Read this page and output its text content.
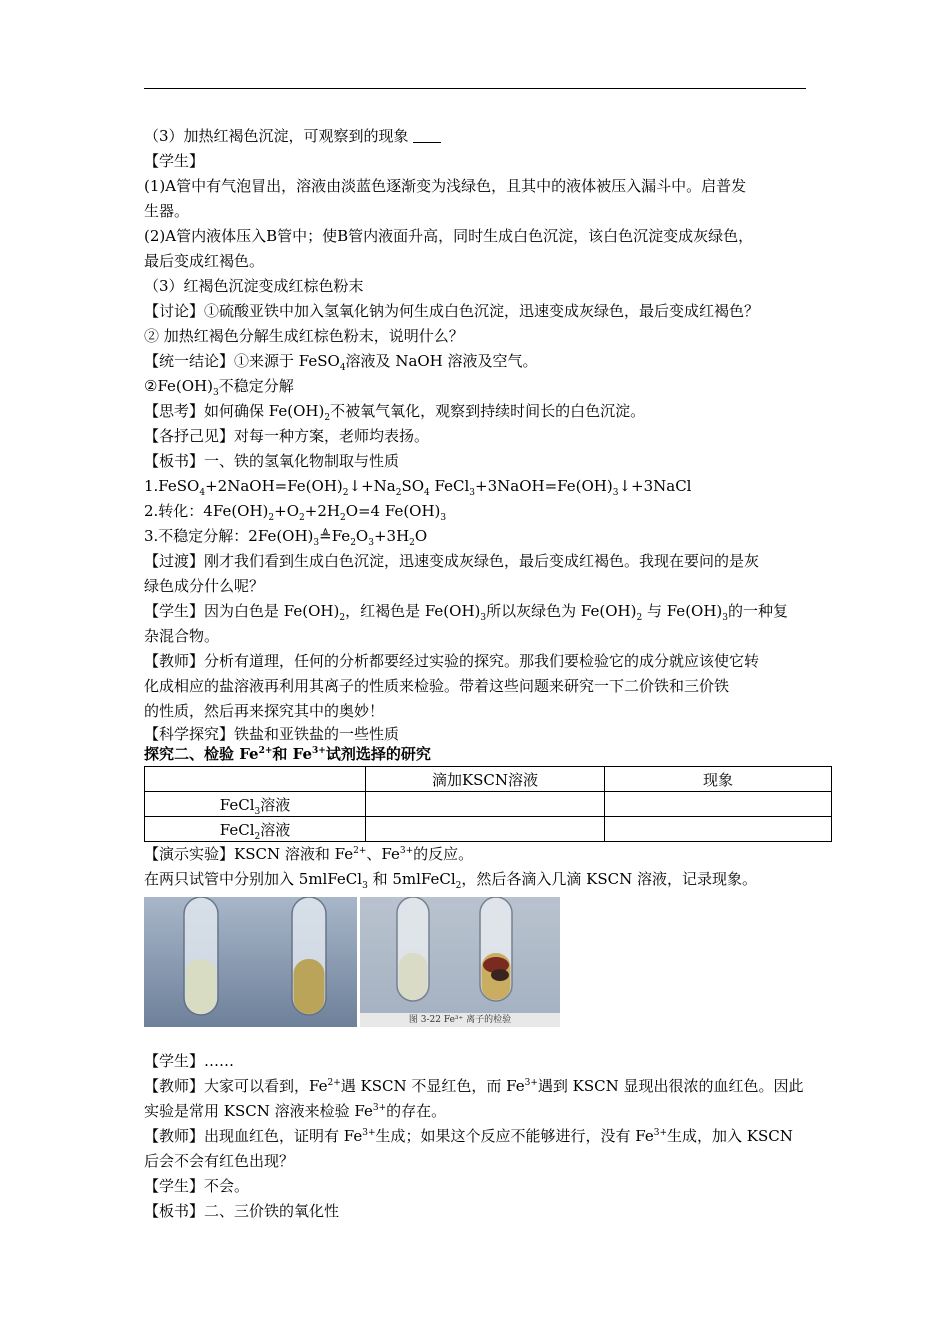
（3）加热红褐色沉淀，可观察到的现象
【学生】
(1)A管中有气泡冒出，溶液由淡蓝色逐渐变为浅绿色，且其中的液体被压入漏斗中。启普发
生器。
(2)A管内液体压入B管中；使B管内液面升高，同时生成白色沉淀，该白色沉淀变成灰绿色，
最后变成红褐色。
（3）红褐色沉淀变成红棕色粉末
【讨论】①硫酸亚铁中加入氢氧化钠为何生成白色沉淀，迅速变成灰绿色，最后变成红褐色？
② 加热红褐色分解生成红棕色粉末，说明什么？
【统一结论】①来源于 FeSO$_4$溶液及 NaOH 溶液及空气。
$②Fe(OH)_3$不稳定分解
【思考】如何确保 $Fe(OH)_2$不被氧气氧化，观察到持续时间长的白色沉淀。
【各抒己见】对每一种方案，老师均表扬。
【板书】一、铁的氢氧化物制取与性质
$1.FeSO_4+2NaOH=Fe(OH)_2↓+Na_2SO_4$ $FeCl_3+3NaOH=Fe(OH)_3↓+3NaCl$
2.转化：$4Fe(OH)_2+O_2+2H_2O=4$ $Fe(OH)_3$
3.不稳定分解：$2Fe(OH)_3≜Fe_2O_3+3H_2O$
【过渡】刚才我们看到生成白色沉淀，迅速变成灰绿色，最后变成红褐色。我现在要问的是灰
绿色成分什么呢？
【学生】因为白色是 $Fe(OH)_2$，红褐色是 $Fe(OH)_3$所以灰绿色为 $Fe(OH)_2$ 与 $Fe(OH)_3$的一种复
杂混合物。
【教师】分析有道理，任何的分析都要经过实验的探究。那我们要检验它的成分就应该使它转
化成相应的盐溶液再利用其离子的性质来检验。带着这些问题来研究一下二价铁和三价铁
的性质，然后再来探究其中的奥妙！
【科学探究】铁盐和亚铁盐的一些性质
探究二、检验 $Fe^{2+}$和 $Fe^{3+}$试剂选择的研究
	滴加KSCN溶液	现象
FeCl$_3$溶液		
FeCl$_2$溶液		
【演示实验】KSCN 溶液和 $Fe^{2+}$、$Fe^{3+}$的反应。
在两只试管中分别加入 5mlFeCl$_3$ 和 5mlFeCl$_2$，然后各滴入几滴 KSCN 溶液，记录现象。
图 3-22 Fe³⁺ 离子的检验
【学生】……
【教师】大家可以看到，$Fe^{2+}$遇 KSCN 不显红色，而 $Fe^{3+}$遇到 KSCN 显现出很浓的血红色。因此
实验是常用 KSCN 溶液来检验 $Fe^{3+}$的存在。
【教师】出现血红色，证明有 $Fe^{3+}$生成；如果这个反应不能够进行，没有 $Fe^{3+}$生成，加入 KSCN
后会不会有红色出现？
【学生】不会。
【板书】二、三价铁的氧化性
